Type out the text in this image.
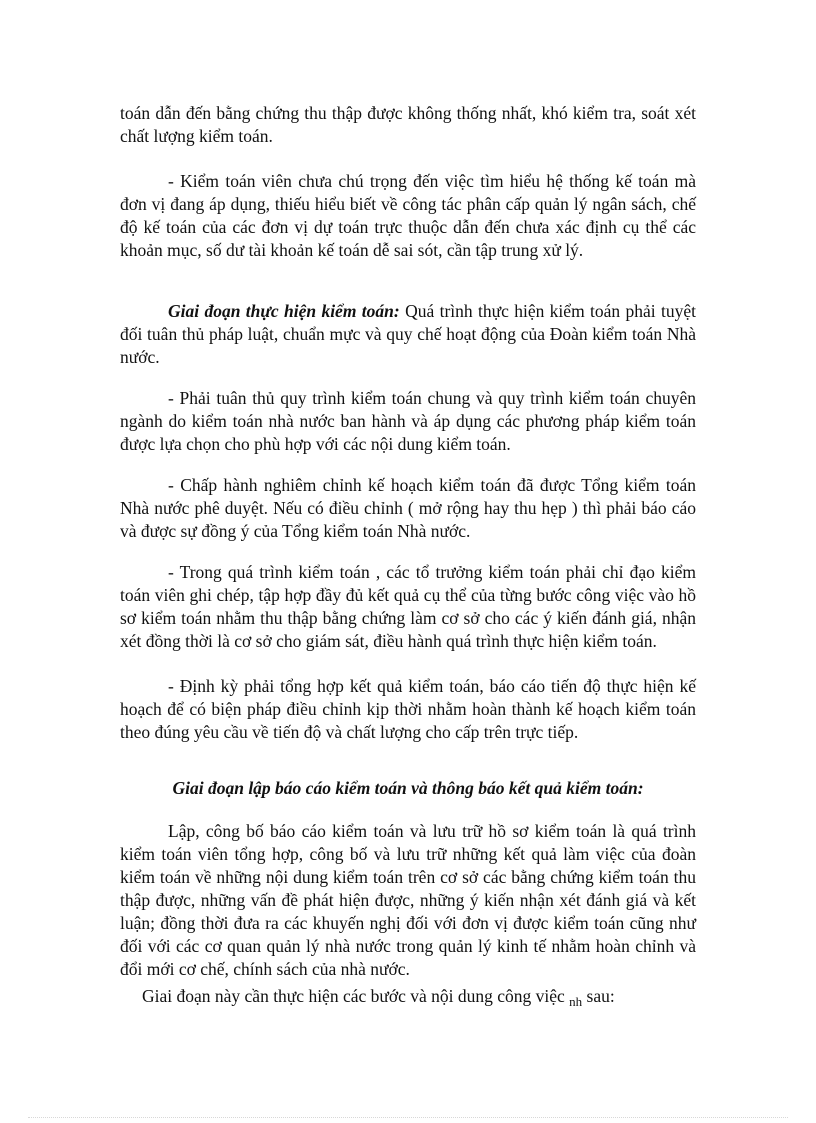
toán dẫn đến bằng chứng thu thập được không thống nhất, khó kiểm tra, soát xét chất lượng kiểm toán.

- Kiểm toán viên chưa chú trọng đến việc tìm hiểu hệ thống kế toán mà đơn vị đang áp dụng, thiếu hiểu biết về công tác phân cấp quản lý ngân sách, chế độ kế toán của các đơn vị dự toán trực thuộc dẫn đến chưa xác định cụ thể các khoản mục, số dư tài khoản kế toán dễ sai sót, cần tập trung xử lý.

Giai đoạn thực hiện kiểm toán: Quá trình thực hiện kiểm toán phải tuyệt đối tuân thủ pháp luật, chuẩn mực và quy chế hoạt động của Đoàn kiểm toán Nhà nước.

- Phải tuân thủ quy trình kiểm toán chung và quy trình kiểm toán chuyên ngành do kiểm toán nhà nước ban hành và áp dụng các phương pháp kiểm toán được lựa chọn cho phù hợp với các nội dung kiểm toán.

- Chấp hành nghiêm chỉnh kế hoạch kiểm toán đã được Tổng kiểm toán Nhà nước phê duyệt. Nếu có điều chỉnh ( mở rộng hay thu hẹp ) thì phải báo cáo và được sự đồng ý của Tổng kiểm toán Nhà nước.

- Trong quá trình kiểm toán , các tổ trưởng kiểm toán phải chỉ đạo kiểm toán viên ghi chép, tập hợp đầy đủ kết quả cụ thể của từng bước công việc vào hồ sơ kiểm toán nhằm thu thập bằng chứng làm cơ sở cho các ý kiến đánh giá, nhận xét đồng thời là cơ sở cho giám sát, điều hành quá trình thực hiện kiểm toán.

- Định kỳ phải tổng hợp kết quả kiểm toán, báo cáo tiến độ thực hiện kế hoạch để có biện pháp điều chỉnh kịp thời nhằm hoàn thành kế hoạch kiểm toán theo đúng yêu cầu về tiến độ và chất lượng cho cấp trên trực tiếp.

Giai đoạn lập báo cáo kiểm toán và thông báo kết quả kiểm toán:

Lập, công bố báo cáo kiểm toán và lưu trữ hồ sơ kiểm toán là quá trình kiểm toán viên tổng hợp, công bố và lưu trữ những kết quả làm việc của đoàn kiểm toán về những nội dung kiểm toán trên cơ sở các bằng chứng kiểm toán thu thập được, những vấn đề phát hiện được, những ý kiến nhận xét đánh giá và kết luận; đồng thời đưa ra các khuyến nghị đối với đơn vị được kiểm toán cũng như đối với các cơ quan quản lý nhà nước trong quản lý kinh tế nhằm hoàn chỉnh và đổi mới cơ chế, chính sách của nhà nước.

Giai đoạn này cần thực hiện các bước và nội dung công việc $_{nh}$ sau:
